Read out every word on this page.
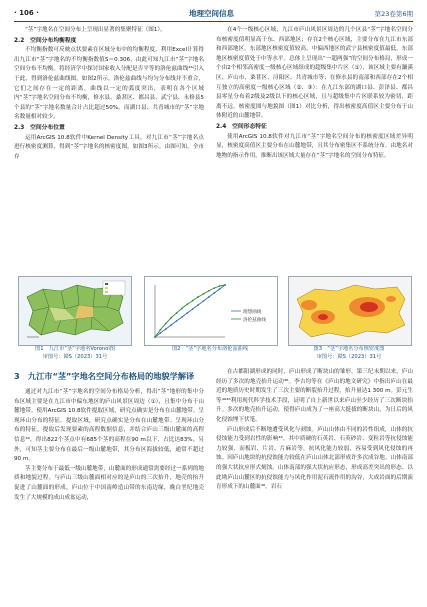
· 106 ·	地理空间信息	第23卷第6期

“茎”字地名在空间分布上呈现出显著的集聚特征（图1）。

2.2　空间分布均衡程度

不均衡指数可反映点状要素在区域分布中的均衡程度。利用Excel计算得出九江市“茎”字地名的不均衡指数值S＝0.306，由此可知九江市“茎”字地名空间分布不均衡。将经济学中探讨国家收入分配是否平等的洛伦兹曲线⁴⁶引入于此，得到洛伦兹曲线图，如图2所示。洛伦兹曲线与均匀分布线并不重合，它们之间存在一定的距离，曲线以一定的弧度突出，表明在各个区域内“茎”字地名空间分布不均衡，修水县、桑葚区、都昌县、武宁县、永修县5个县的“茎”字地名数量合计占比超过50%，而湖口县、共青城市的“茎”字地名数量相对较少。

2.3　空间分布位置

运用ArcGIS 10.8软件中Kernel Density工具，对九江市“茎”字地名点进行核密度测算，得到“茎”字地名的核密度图，如图3所示。由图可知，全市存

在4个一级核心区域，九江市庐山风景区周边的几个区县“茎”字地名空间分布核密度值明显高于东、西部地区；存在2个核心区域，主要分布在九江市东部和西部地区。东部地区核密度值较高，中偏西地区的武宁县核密度值最低。东部地区核密度值处于中等水平。总体上呈现出“一超两强”的空间分布格局，形成一个由2个相邻高密度一级核心区域组成的超级集中片区（①），该区域主要有濂溪区、庐山市、桑葚区、浔阳区、共青城市等；在修水县的南部和西部存在2个相互独立的高密度一级核心区域（②、③）：在九江东部的湖口县、彭泽县、都昌县零星分布着2级及2级以下的核心区域，且与超级集中片区联系较为密切，距离不远。核密度图与地貌图（图1）对比分析，得出核密度高值区主要分布于山体附近的山麓地带。

2.4　空间形态特征

使用ArcGIS 10.8软件对九江市“茎”字地名空间分布的核密度区域差异明显，核密度高值区主要分布在山麓地带，且其分布密集区不系统分布。由地名对地物的指示作用，推断出该区域大量存在“茎”字地名的空间分布特征。

理想曲线
洛伦兹曲线
图1　九江市“茎”字地名Voronoi图
审图号：赣S（2023）31号
图2　“茎”字地名分布洛伦兹曲线	图3　“茎”字地名分布核密度图
审图号：赣S（2023）31号

3　九江市“茎”字地名空间分布格局的地貌学解译

通过对九江市“茎”字地名的空间分布格局分析，得出“茎”地形的集中分布区域主要是在九江市中偏东地区的庐山风景区周边（①），且集中分布于山麓地带。使用ArcGIS 10.8软件提取区域，研究点确实是分布在山麓地带。呈现环山分布的特征。提取区域，研究点确实是分布在山麓地带。呈现环山分布的特征，提取后发现要素的高程数据信息，并结合庐山三级山麓面的高程信息⁴⁶，得出822个茎点中有685个茎的高程在90 m以下，占比达83%。另外，可知茎主要分布在最后一级山麓地带，其分布区海拔较低，通常不超过90 m。

茎主要分布于最低一级山麓地带，山麓面的形成通常需要经过一系列的地质和地貌过程。与庐山三级山麓面相对应的是庐山的三次抬升，地壳的抬升促进了山麓面的形成。庐山位于中国南岭造山带的东南边缘，晚白垩纪地壳发生了大规模的成山成盆运动，

在古都阳湖形成的同时，庐山形成了断块山的雏形。第三纪末期以来，庐山经历了多次的地壳抬升运动⁴⁶。李吉均等在《庐山的地文研究》中指出庐山在最近的地质历史时期发生了三次主要的断裂抬升过程，抬升量达1 300 m。彭元生等⁴⁶⁴⁶利用现代科学技术手段，证明了自上新世以来庐山至少经历了三次断块抬升。多次的地壳抬升运动，使得庐山成为了一座高大挺拔的断块山，为日后的风化侵蚀埋下伏笔。

庐山形成后不断地遭受风化与剥蚀。庐山山体由不同的岩性组成，山体的抗侵蚀能力受到岩性的影响⁴⁶。其中质硬的石英岩、石英砂岩、变粒岩等抗侵蚀能力较强，而板岩、片岩、片麻岩等，抗风化能力较弱，容易受到风化侵蚀的再蚀。因庐山地块的抗侵蚀能力较低在庐山山体北部形成许多次成谷地。山体南部的强大状抗应形式刻蚀。山体南部的强大状抗应形态，形成高差突出的形态。以此坳庐山山麓区的抗侵蚀能力与风化作用泥石流作用的沟谷，大成岩面的后期演育形成下的山麓面⁴⁶。岩石
